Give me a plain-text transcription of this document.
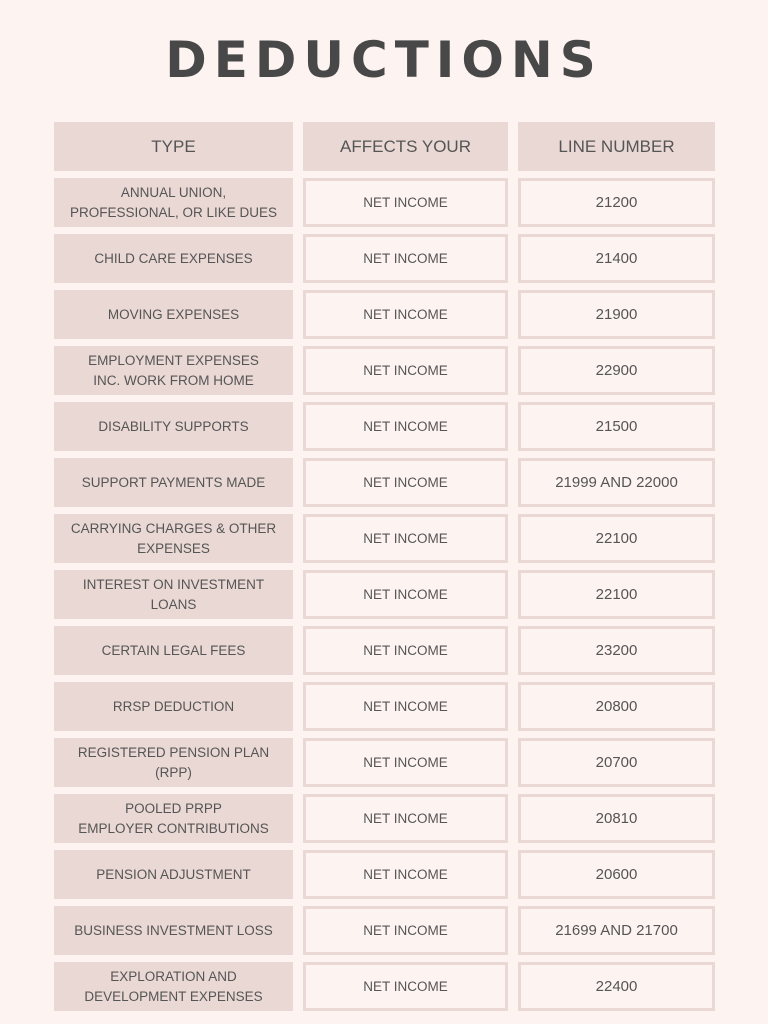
DEDUCTIONS
TYPE	AFFECTS YOUR	LINE NUMBER
ANNUAL UNION,
PROFESSIONAL, OR LIKE DUES
NET INCOME	21200
CHILD CARE EXPENSES	NET INCOME	21400
MOVING EXPENSES	NET INCOME	21900
EMPLOYMENT EXPENSES
INC. WORK FROM HOME
NET INCOME	22900
DISABILITY SUPPORTS	NET INCOME	21500
SUPPORT PAYMENTS MADE	NET INCOME	21999 AND 22000
CARRYING CHARGES & OTHER
EXPENSES
NET INCOME	22100
INTEREST ON INVESTMENT
LOANS
NET INCOME	22100
CERTAIN LEGAL FEES	NET INCOME	23200
RRSP DEDUCTION	NET INCOME	20800
REGISTERED PENSION PLAN
(RPP)
NET INCOME	20700
POOLED PRPP
EMPLOYER CONTRIBUTIONS
NET INCOME	20810
PENSION ADJUSTMENT	NET INCOME	20600
BUSINESS INVESTMENT LOSS	NET INCOME	21699 AND 21700
EXPLORATION AND
DEVELOPMENT EXPENSES
NET INCOME	22400
